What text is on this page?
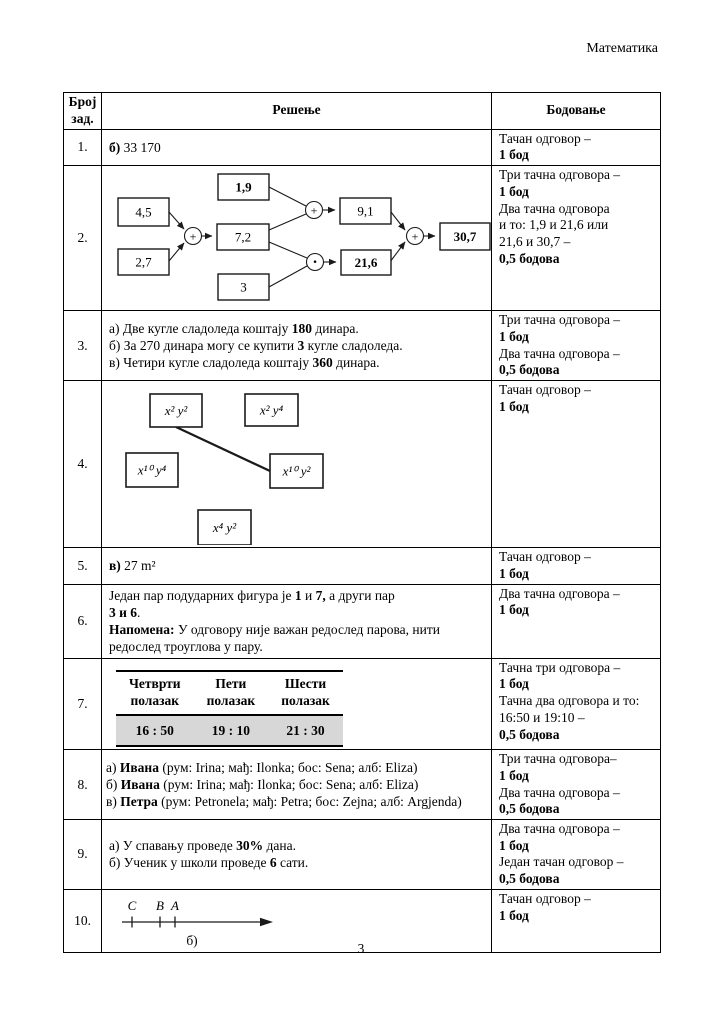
Математика
Број
зад.	Решење	Бодовање
1.	б) 33 170

Тачан одговор –
1 бод

2.	
4,5
2,7
+	7,2
1,9
3
+
·
9,1
21,6
+	30,7

Три тачна одговора –
1 бод
Два тачна одговора
и то: 1,9 и 21,6 или
21,6 и 30,7 –
0,5 бодова

3.	
а) Две кугле сладоледа коштају 180 динара.
б) За 270 динара могу се купити 3 кугле сладоледа.
в) Четири кугле сладоледа коштају 360 динара.

Три тачна одговора –
1 бод
Два тачна одговора –
0,5 бодова

4.	
x² y²	x² y⁴
x¹⁰ y⁴	x¹⁰ y²
x⁴ y²

Тачан одговор –
1 бод

5.	в) 27 m²

Тачан одговор –
1 бод

6.	
Један пар подударних фигура је 1 и 7, а други пар
3 и 6.
Напомена: У одговору није важан редослед парова, нити
редослед троуглова у пару.

Два тачна одговора –
1 бод

7.	
Четврти
полазак	Пети
полазак	Шести
полазак
16 : 50	19 : 10	21 : 30

Тачна три одговора –
1 бод
Тачна два одговора и то:
16:50 и 19:10 –
0,5 бодова

8.	
а) Ивана (рум: Irina; мађ: Ilonka; бос: Sena; алб: Eliza)
б) Ивана (рум: Irina; мађ: Ilonka; бос: Sena; алб: Eliza)
в) Петра (рум: Petronela; мађ: Petra; бос: Zejna; алб: Argjenda)

Три тачна одговора–
1 бод
Два тачна одговора –
0,5 бодова

9.	
а) У спавању проведе 30% дана.
б) Ученик у школи проведе 6 сати.

Два тачна одговора –
1 бод
Један тачан одговор –
0,5 бодова

10.	
C B A
б)

Тачан одговор –
1 бод
3
